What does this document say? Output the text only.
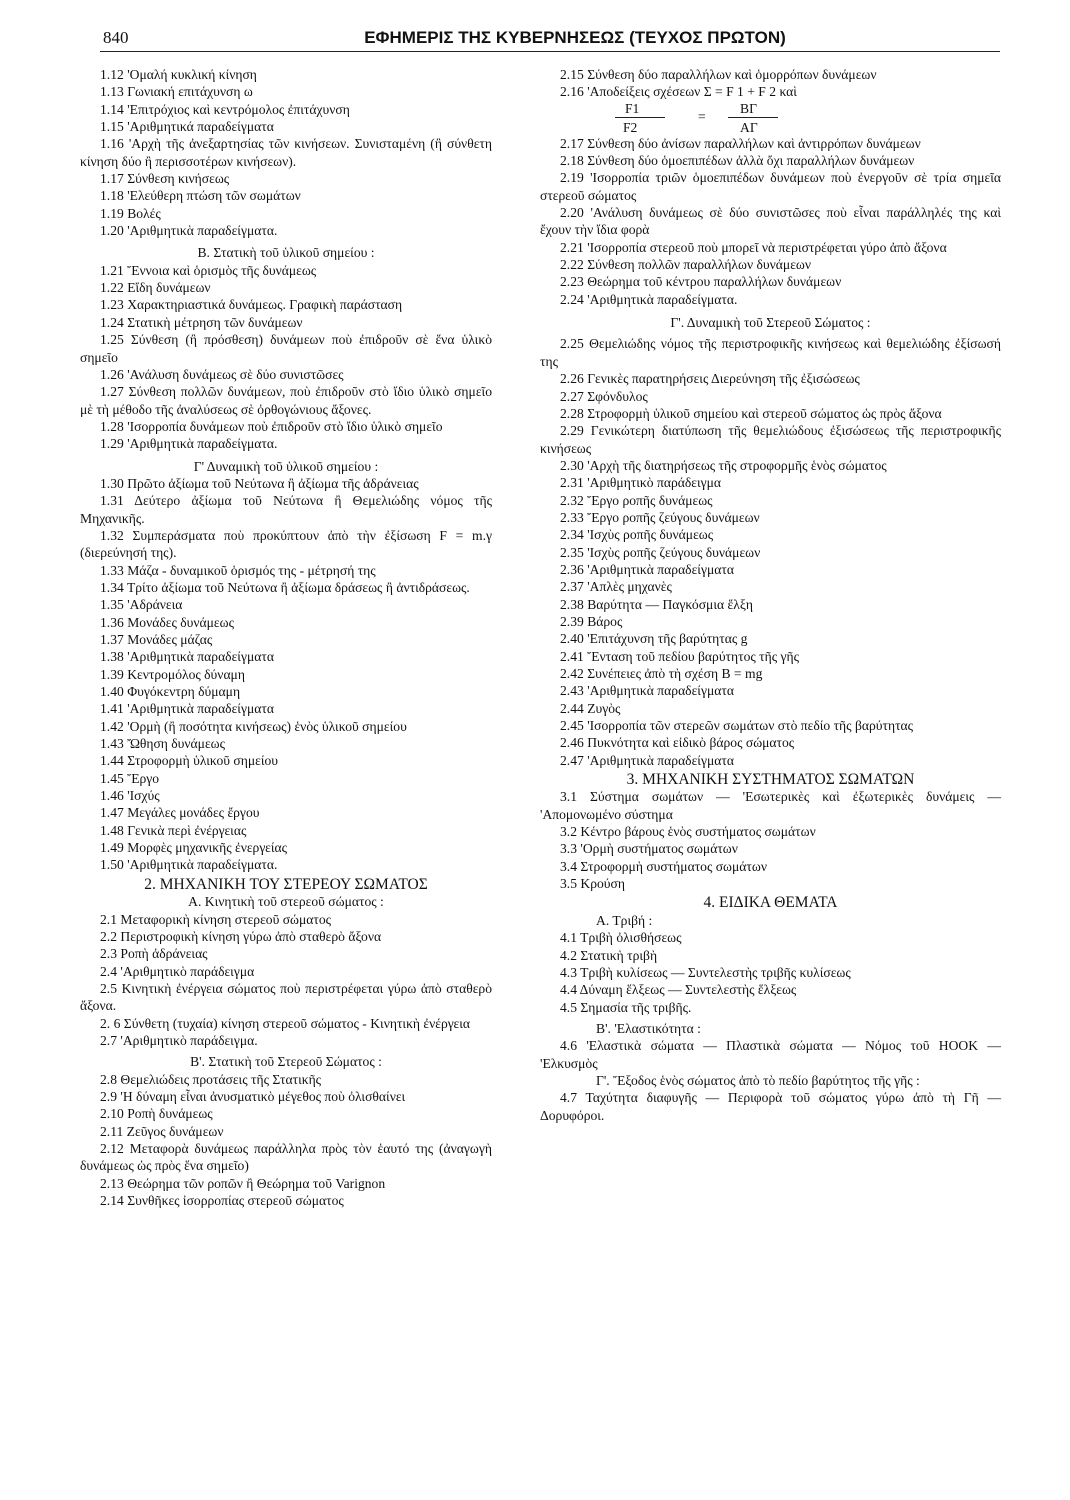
840	ΕΦΗΜΕΡΙΣ ΤΗΣ ΚΥΒΕΡΝΗΣΕΩΣ (ΤΕΥΧΟΣ ΠΡΩΤΟΝ)

1.12 'Ομαλή κυκλική κίνηση

1.13 Γωνιακή επιτάχυνση ω

1.14 'Επιτρόχιος καὶ κεντρόμολος ἐπιτάχυνση

1.15 'Αριθμητικά παραδείγματα

1.16 'Αρχὴ τῆς ἀνεξαρτησίας τῶν κινήσεων. Συνισταμένη (ἢ σύνθετη κίνηση δύο ἢ περισσοτέρων κινήσεων).

1.17 Σύνθεση κινήσεως

1.18 'Ελεύθερη πτώση τῶν σωμάτων

1.19 Βολές

1.20 'Αριθμητικὰ παραδείγματα.

Β. Στατικὴ τοῦ ὑλικοῦ σημείου :

1.21 Ἔννοια καὶ ὁρισμὸς τῆς δυνάμεως

1.22 Εἴδη δυνάμεων

1.23 Χαρακτηριαστικά δυνάμεως. Γραφικὴ παράσταση

1.24 Στατικὴ μέτρηση τῶν δυνάμεων

1.25 Σύνθεση (ἢ πρόσθεση) δυνάμεων ποὺ ἐπιδροῦν σὲ ἕνα ὑλικὸ σημεῖο

1.26 'Ανάλυση δυνάμεως σὲ δύο συνιστῶσες

1.27 Σύνθεση πολλῶν δυνάμεων, ποὺ ἐπιδροῦν στὸ ἴδιο ὑλικὸ σημεῖο μὲ τὴ μέθοδο τῆς ἀναλύσεως σὲ ὀρθογώνιους ἄξονες.

1.28 'Ισορροπία δυνάμεων ποὺ ἐπιδροῦν στὸ ἴδιο ὑλικὸ σημεῖο

1.29 'Αριθμητικὰ παραδείγματα.

Γ' Δυναμικὴ τοῦ ὑλικοῦ σημείου :

1.30 Πρῶτο ἀξίωμα τοῦ Νεύτωνα ἢ ἀξίωμα τῆς ἀδράνειας

1.31 Δεύτερο ἀξίωμα τοῦ Νεύτωνα ἢ Θεμελιώδης νόμος τῆς Μηχανικῆς.

1.32 Συμπεράσματα ποὺ προκύπτουν ἀπὸ τὴν ἐξίσωση F = m.γ (διερεύνησή της).

1.33 Μάζα - δυναμικοῦ ὁρισμός της - μέτρησή της

1.34 Τρίτο ἀξίωμα τοῦ Νεύτωνα ἢ ἀξίωμα δράσεως ἢ ἀντιδράσεως.

1.35 'Αδράνεια

1.36 Μονάδες δυνάμεως

1.37 Μονάδες μάζας

1.38 'Αριθμητικὰ παραδείγματα

1.39 Κεντρομόλος δύναμη

1.40 Φυγόκεντρη δύμαμη

1.41 'Αριθμητικὰ παραδείγματα

1.42 'Ορμὴ (ἢ ποσότητα κινήσεως) ἑνὸς ὑλικοῦ σημείου

1.43 Ὤθηση δυνάμεως

1.44 Στροφορμὴ ὑλικοῦ σημείου

1.45 Ἔργο

1.46 'Ισχύς

1.47 Μεγάλες μονάδες ἔργου

1.48 Γενικὰ περὶ ἐνέργειας

1.49 Μορφὲς μηχανικῆς ἐνεργείας

1.50 'Αριθμητικὰ παραδείγματα.

2. ΜΗΧΑΝΙΚΗ ΤΟΥ ΣΤΕΡΕΟΥ ΣΩΜΑΤΟΣ

Α. Κινητικὴ τοῦ στερεοῦ σώματος :

2.1 Μεταφορικὴ κίνηση στερεοῦ σώματος

2.2 Περιστροφικὴ κίνηση γύρω ἀπὸ σταθερὸ ἄξονα

2.3 Ροπὴ ἀδράνειας

2.4 'Αριθμητικὸ παράδειγμα

2.5 Κινητικὴ ἐνέργεια σώματος ποὺ περιστρέφεται γύρω ἀπὸ σταθερὸ ἄξονα.

2. 6 Σύνθετη (τυχαία) κίνηση στερεοῦ σώματος - Κινητικὴ ἐνέργεια

2.7 'Αριθμητικὸ παράδειγμα.

Β'. Στατικὴ τοῦ Στερεοῦ Σώματος :

2.8 Θεμελιώδεις προτάσεις τῆς Στατικῆς

2.9 'Η δύναμη εἶναι ἀνυσματικὸ μέγεθος ποὺ ὀλισθαίνει

2.10 Ροπὴ δυνάμεως

2.11 Ζεῦγος δυνάμεων

2.12 Μεταφορὰ δυνάμεως παράλληλα πρὸς τὸν ἑαυτό της (ἀναγωγὴ δυνάμεως ὡς πρὸς ἕνα σημεῖο)

2.13 Θεώρημα τῶν ροπῶν ἢ Θεώρημα τοῦ Varignon

2.14 Συνθῆκες ἰσορροπίας στερεοῦ σώματος

2.15 Σύνθεση δύο παραλλήλων καὶ ὁμορρόπων δυνάμεων

2.16 'Αποδείξεις σχέσεων Σ = F 1 + F 2 καὶ

F1
=
ΒΓ
F2	ΑΓ

2.17 Σύνθεση δύο ἀνίσων παραλλήλων καὶ ἀντιρρόπων δυνάμεων

2.18 Σύνθεση δύο ὁμοεπιπέδων ἀλλὰ ὄχι παραλλήλων δυνάμεων

2.19 'Ισορροπία τριῶν ὁμοεπιπέδων δυνάμεων ποὺ ἐνεργοῦν σὲ τρία σημεῖα στερεοῦ σώματος

2.20 'Ανάλυση δυνάμεως σὲ δύο συνιστῶσες ποὺ εἶναι παράλληλές της καὶ ἔχουν τὴν ἴδια φορὰ

2.21 'Ισορροπία στερεοῦ ποὺ μπορεῖ νὰ περιστρέφεται γύρο ἀπὸ ἄξονα

2.22 Σύνθεση πολλῶν παραλλήλων δυνάμεων

2.23 Θεώρημα τοῦ κέντρου παραλλήλων δυνάμεων

2.24 'Αριθμητικὰ παραδείγματα.

Γ'. Δυναμικὴ τοῦ Στερεοῦ Σώματος :

2.25 Θεμελιώδης νόμος τῆς περιστροφικῆς κινήσεως καὶ θεμελιώδης ἐξίσωσή της

2.26 Γενικὲς παρατηρήσεις Διερεύνηση τῆς ἐξισώσεως

2.27 Σφόνδυλος

2.28 Στροφορμὴ ὑλικοῦ σημείου καὶ στερεοῦ σώματος ὡς πρὸς ἄξονα

2.29 Γενικώτερη διατύπωση τῆς θεμελιώδους ἐξισώσεως τῆς περιστροφικῆς κινήσεως

2.30 'Αρχὴ τῆς διατηρήσεως τῆς στροφορμῆς ἑνὸς σώματος

2.31 'Αριθμητικὸ παράδειγμα

2.32 Ἔργο ροπῆς δυνάμεως

2.33 Ἔργο ροπῆς ζεύγους δυνάμεων

2.34 'Ισχὺς ροπῆς δυνάμεως

2.35 'Ισχὺς ροπῆς ζεύγους δυνάμεων

2.36 'Αριθμητικὰ παραδείγματα

2.37 'Απλὲς μηχανὲς

2.38 Βαρύτητα — Παγκόσμια ἕλξη

2.39 Βάρος

2.40 'Επιτάχυνση τῆς βαρύτητας g

2.41 Ἔνταση τοῦ πεδίου βαρύτητος τῆς γῆς

2.42 Συνέπειες ἀπὸ τὴ σχέση B = mg

2.43 'Αριθμητικὰ παραδείγματα

2.44 Ζυγὸς

2.45 'Ισορροπία τῶν στερεῶν σωμάτων στὸ πεδίο τῆς βαρύτητας

2.46 Πυκνότητα καὶ εἰδικὸ βάρος σώματος

2.47 'Αριθμητικὰ παραδείγματα

3. ΜΗΧΑΝΙΚΗ ΣΥΣΤΗΜΑΤΟΣ ΣΩΜΑΤΩΝ

3.1 Σύστημα σωμάτων — 'Εσωτερικὲς καὶ ἐξωτερικὲς δυνάμεις — 'Απομονωμένο σύστημα

3.2 Κέντρο βάρους ἑνὸς συστήματος σωμάτων

3.3 'Ορμὴ συστήματος σωμάτων

3.4 Στροφορμὴ συστήματος σωμάτων

3.5 Κρούση

4. ΕΙΔΙΚΑ ΘΕΜΑΤΑ

Α. Τριβή :

4.1 Τριβὴ ὀλισθήσεως

4.2 Στατικὴ τριβὴ

4.3 Τριβὴ κυλίσεως — Συντελεστὴς τριβῆς κυλίσεως

4.4 Δύναμη ἕλξεως — Συντελεστὴς ἕλξεως

4.5 Σημασία τῆς τριβῆς.

Β'. 'Ελαστικότητα :

4.6 'Ελαστικὰ σώματα — Πλαστικὰ σώματα — Νόμος τοῦ HOOK — 'Ελκυσμὸς

Γ'. Ἔξοδος ἑνὸς σώματος ἀπὸ τὸ πεδίο βαρύτητος τῆς γῆς :

4.7 Ταχύτητα διαφυγῆς — Περιφορὰ τοῦ σώματος γύρω ἀπὸ τὴ Γῆ — Δορυφόροι.
